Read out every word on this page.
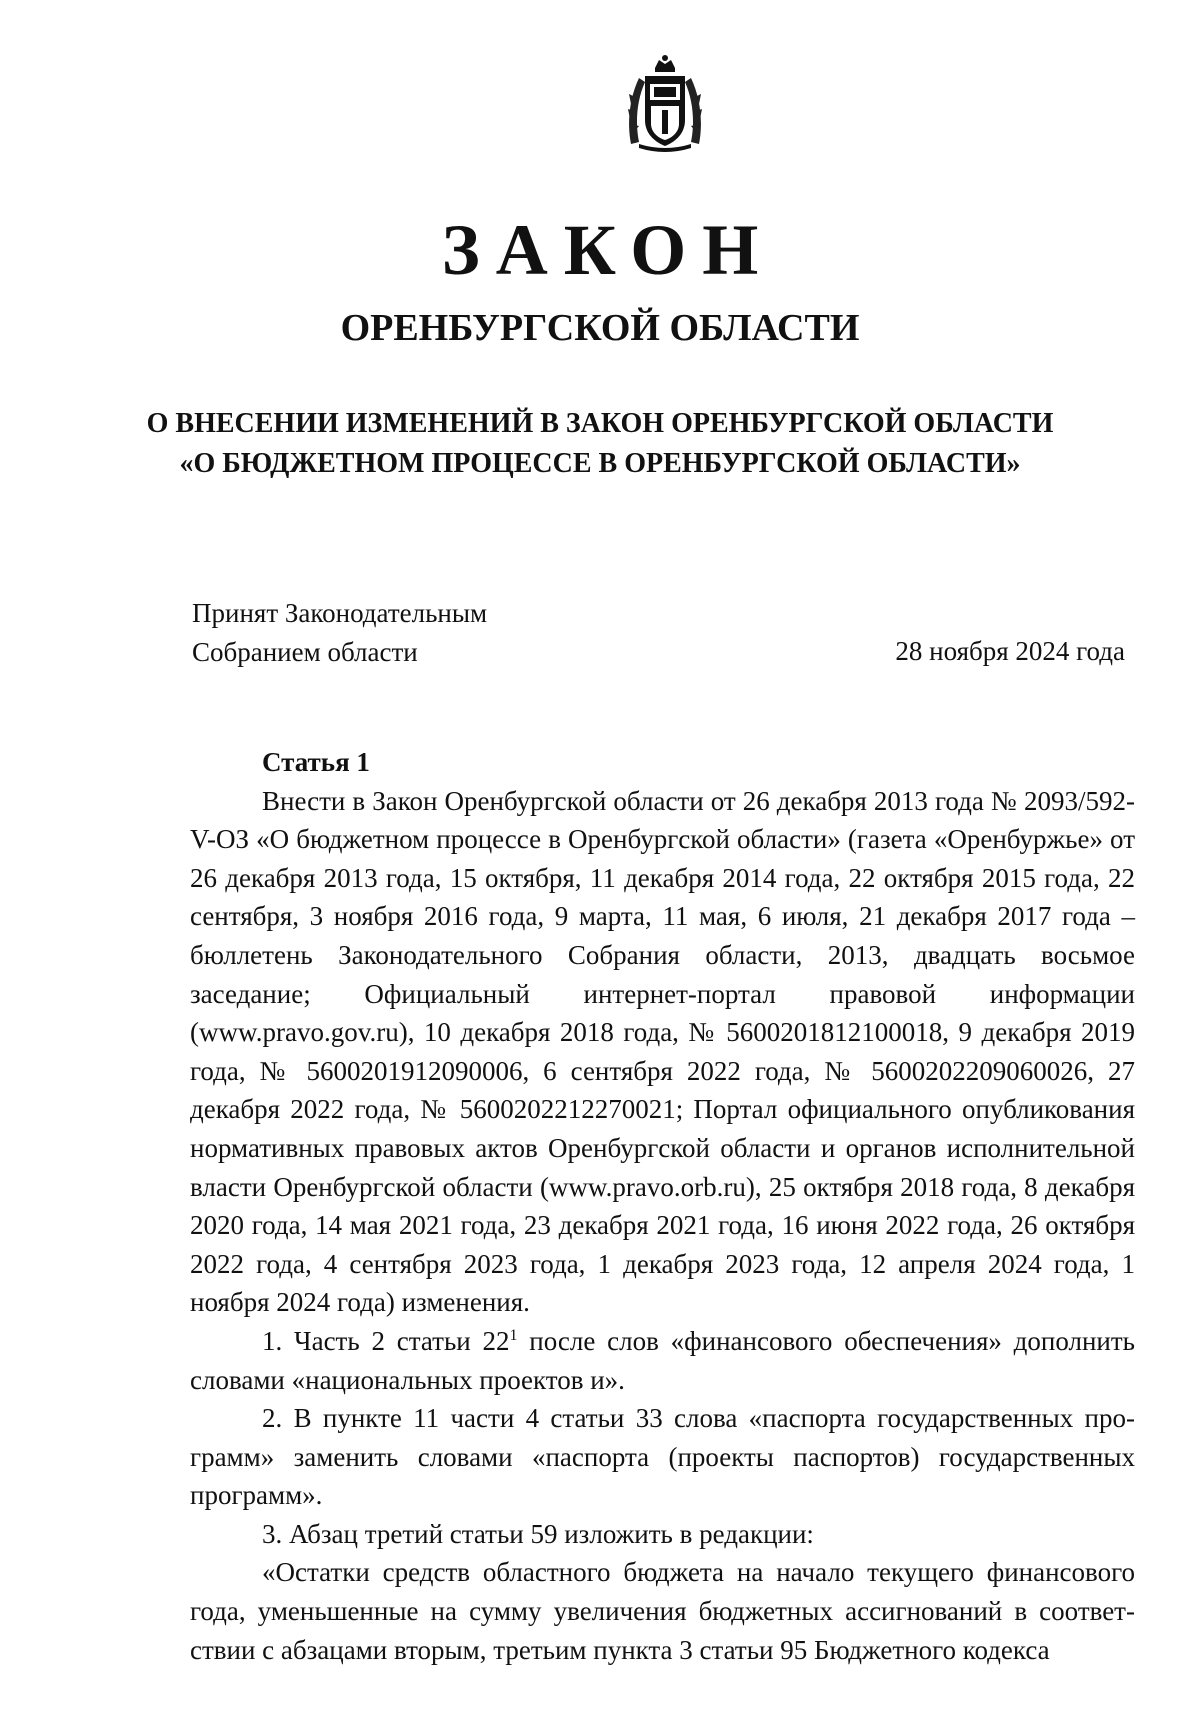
ЗАКОН
ОРЕНБУРГСКОЙ ОБЛАСТИ
О ВНЕСЕНИИ ИЗМЕНЕНИЙ В ЗАКОН ОРЕНБУРГСКОЙ ОБЛАСТИ
«О БЮДЖЕТНОМ ПРОЦЕССЕ В ОРЕНБУРГСКОЙ ОБЛАСТИ»
Принят Законодательным
Собранием области	28 ноября 2024 года

Статья 1

Внести в Закон Оренбургской области от 26 декабря 2013 года № 2093/592-V-ОЗ «О бюджетном процессе в Оренбургской области» (газета «Оренбуржье» от 26 декабря 2013 года, 15 октября, 11 декабря 2014 года, 22 октября 2015 года, 22 сентября, 3 ноября 2016 года, 9 марта, 11 мая, 6 июля, 21 декабря 2017 года – бюллетень Законодательного Собрания области, 2013, двадцать восьмое заседание; Официальный интернет-портал правовой информации (www.pravo.gov.ru), 10 декабря 2018 года, № 5600201812100018, 9 декабря 2019 года, № 5600201912090006, 6 сентября 2022 года, № 5600202209060026, 27 декабря 2022 года, № 5600202212270021; Портал официального опубликования нормативных правовых актов Оренбургской области и органов исполнительной власти Оренбургской области (www.pravo.orb.ru), 25 октября 2018 года, 8 декабря 2020 года, 14 мая 2021 года, 23 декабря 2021 года, 16 июня 2022 года, 26 октября 2022 года, 4 сентября 2023 года, 1 декабря 2023 года, 12 апреля 2024 года, 1 ноября 2024 года) изменения.

1. Часть 2 статьи $22^1$ после слов «финансового обеспечения» дополнить словами «национальных проектов и».

2. В пункте 11 части 4 статьи 33 слова «паспорта государственных программ» заменить словами «паспорта (проекты паспортов) государственных программ».

3. Абзац третий статьи 59 изложить в редакции:

«Остатки средств областного бюджета на начало текущего финансового года, уменьшенные на сумму увеличения бюджетных ассигнований в соответствии с абзацами вторым, третьим пункта 3 статьи 95 Бюджетного кодекса
